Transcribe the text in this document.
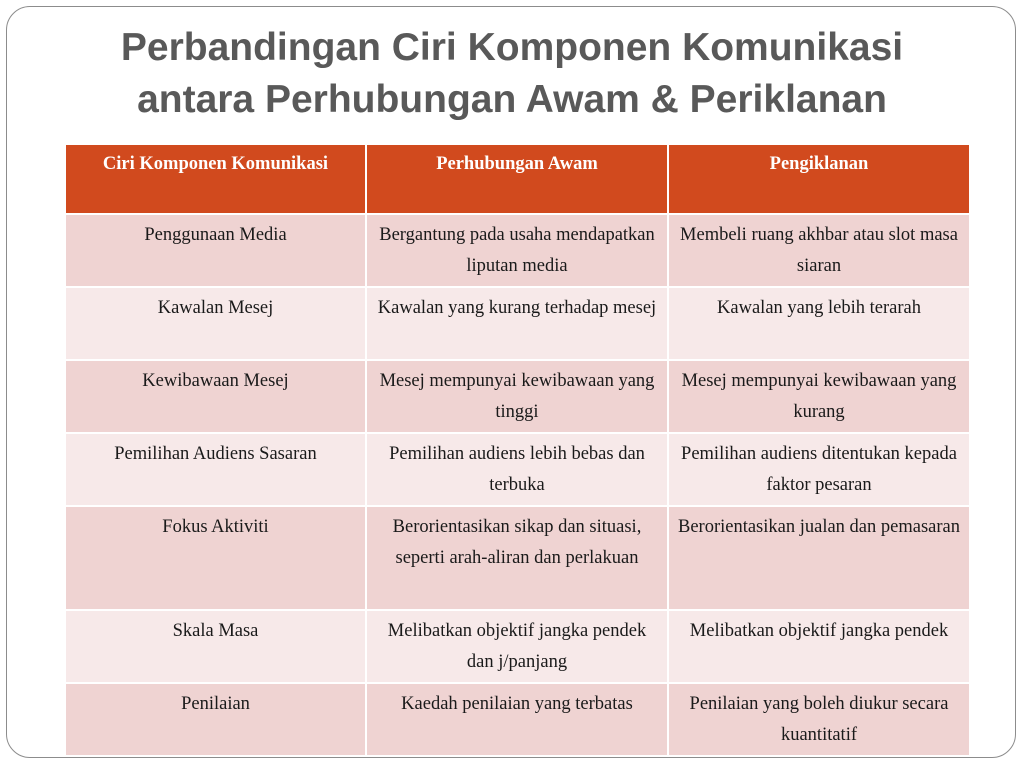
Perbandingan Ciri Komponen Komunikasi
antara Perhubungan Awam & Periklanan
Ciri Komponen Komunikasi	Perhubungan Awam	Pengiklanan
Penggunaan Media	Bergantung pada usaha mendapatkan liputan media	Membeli ruang akhbar atau slot masa siaran
Kawalan Mesej	Kawalan yang kurang terhadap mesej	Kawalan yang lebih terarah
Kewibawaan Mesej	Mesej mempunyai kewibawaan yang tinggi	Mesej mempunyai kewibawaan yang kurang
Pemilihan Audiens Sasaran	Pemilihan audiens lebih bebas dan terbuka	Pemilihan audiens ditentukan kepada faktor pesaran
Fokus Aktiviti	Berorientasikan sikap dan situasi, seperti arah-aliran dan perlakuan	Berorientasikan jualan dan pemasaran
Skala Masa	Melibatkan objektif jangka pendek dan j/panjang	Melibatkan objektif jangka pendek
Penilaian	Kaedah penilaian yang terbatas	Penilaian yang boleh diukur secara kuantitatif
